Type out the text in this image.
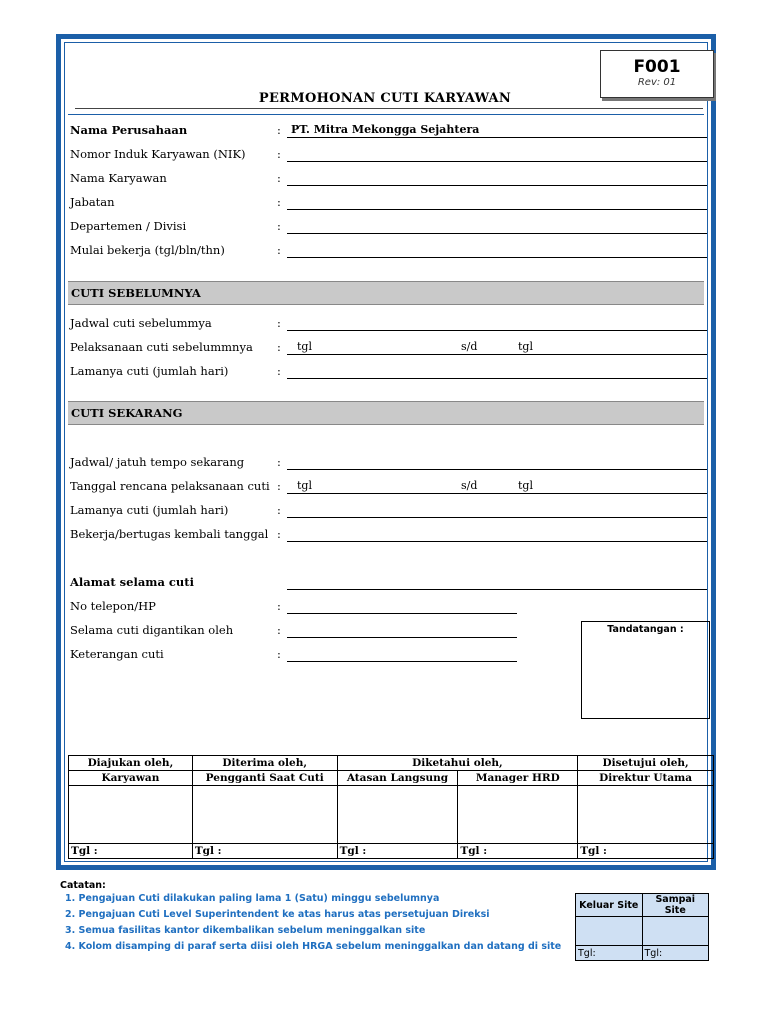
F001
Rev: 01
PERMOHONAN CUTI KARYAWAN
Nama Perusahaan	: PT. Mitra Mekongga Sejahtera
Nomor Induk Karyawan (NIK)	:
Nama Karyawan	:
Jabatan	:
Departemen / Divisi	:
Mulai bekerja (tgl/bln/thn)	:
CUTI SEBELUMNYA
Jadwal cuti sebelummya	:
Pelaksanaan cuti sebelummnya : tgl	s/d	tgl
Lamanya cuti (jumlah hari)	:
CUTI SEKARANG
Jadwal/ jatuh tempo sekarang	:
Tanggal rencana pelaksanaan cuti : tgl	s/d	tgl
Lamanya cuti (jumlah hari)	:
Bekerja/bertugas kembali tanggal :
Alamat selama cuti
No telepon/HP	:
Selama cuti digantikan oleh	:
Keterangan cuti	:
Tandatangan :
Diajukan oleh,	Diterima oleh,	Diketahui oleh,		Disetujui oleh,
Karyawan	Pengganti Saat Cuti	Atasan Langsung	Manager HRD	Direktur Utama

Tgl :	Tgl :	Tgl :	Tgl :	Tgl :
Catatan:
1. Pengajuan Cuti dilakukan paling lama 1 (Satu) minggu sebelumnya
2. Pengajuan Cuti Level Superintendent ke atas harus atas persetujuan Direksi
3. Semua fasilitas kantor dikembalikan sebelum meninggalkan site
4. Kolom disamping di paraf serta diisi oleh HRGA sebelum meninggalkan dan datang di site
Keluar Site	Sampai Site

Tgl:	Tgl:
